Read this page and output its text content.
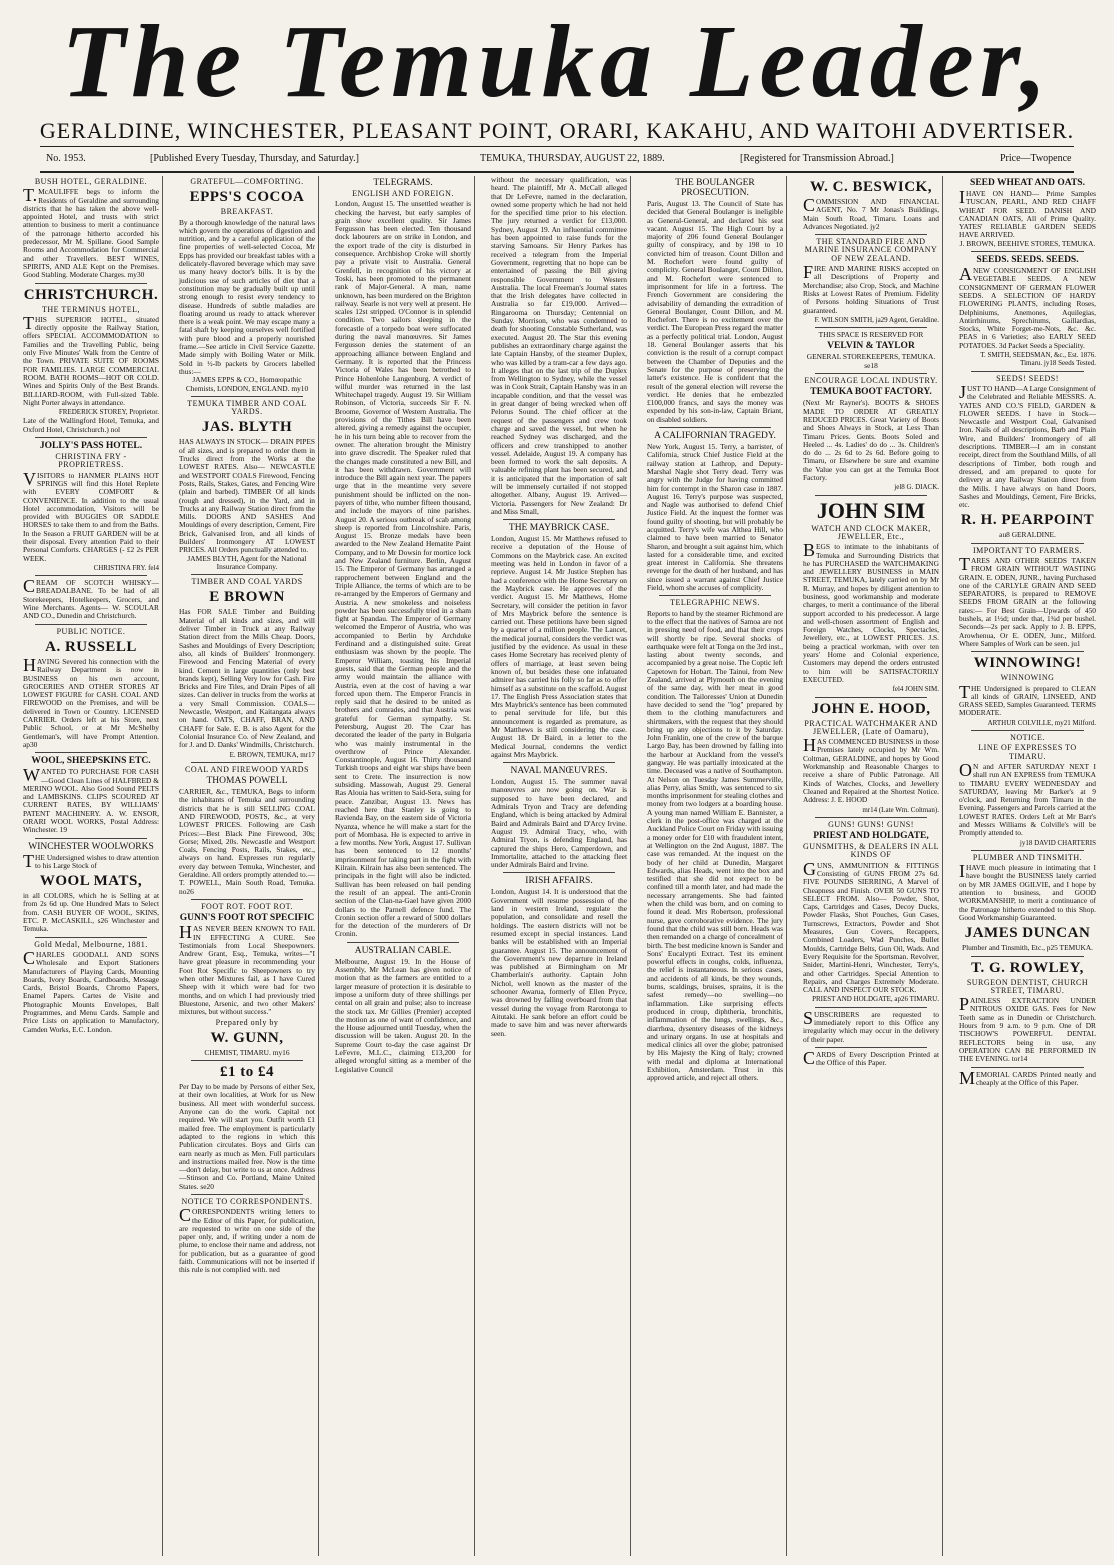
The Temuka Leader,
GERALDINE, WINCHESTER, PLEASANT POINT, ORARI, KAKAHU, AND WAITOHI ADVERTISER.
No. 1953.	[Published Every Tuesday, Thursday, and Saturday.]	TEMUKA, THURSDAY, AUGUST 22, 1889.	[Registered for Transmission Abroad.]	Price—Twopence
BUSH HOTEL, GERALDINE.
T.McAULIFFE begs to inform the Residents of Geraldine and surrounding districts that he has taken the above well-appointed Hotel, and trusts with strict attention to business to merit a continuance of the patronage hitherto accorded his predecessor, Mr M. Spillane. Good Sample Rooms and Accommodation for Commercial and other Travellers. BEST WINES, SPIRITS, AND ALE Kept on the Premises. Good Stabling. Moderate Charges. my30
CHRISTCHURCH.
THE TERMINUS HOTEL,
THIS SUPERIOR HOTEL, situated directly opposite the Railway Station, offers SPECIAL ACCOMMODATION to Families and the Travelling Public, being only Five Minutes' Walk from the Centre of the Town. PRIVATE SUITE OF ROOMS FOR FAMILIES. LARGE COMMERCIAL ROOM. BATH ROOMS—HOT OR COLD. Wines and Spirits Only of the Best Brands. BILLIARD-ROOM, with Full-sized Table. Night Porter always in attendance.
FREDERICK STOREY, Proprietor.
Late of the Wallingford Hotel, Temuka, and Oxford Hotel, Christchurch.) nol
JOLLY'S PASS HOTEL.
CHRISTINA FRY - PROPRIETRESS.
VISITORS to HANMER PLAINS HOT SPRINGS will find this Hotel Replete with EVERY COMFORT & CONVENIENCE. In addition to the usual Hotel accommodation, Visitors will be provided with BUGGIES OR SADDLE HORSES to take them to and from the Baths. In the Season a FRUIT GARDEN will be at their disposal. Every attention Paid to their Personal Comforts. CHARGES (- £2 2s PER WEEK.
CHRISTINA FRY. fel4
CREAM OF SCOTCH WHISKY— BREADALBANE. To be had of all Storekeepers, Hotelkeepers, Grocers, and Wine Merchants. Agents— W. SCOULAR AND CO., Dunedin and Christchurch.
PUBLIC NOTICE.
A. RUSSELL
HAVING Severed his connection with the Railway Department is now in BUSINESS on his own account, GROCERIES AND OTHER STORES AT LOWEST FIGURE for CASH. COAL AND FIREWOOD on the Premises, and will be delivered in Town or Country. LICENSED CARRIER. Orders left at his Store, next Public School, or at Mr McShelby Gentleman's, will have Prompt Attention. ap30
WOOL, SHEEPSKINS ETC.
WANTED TO PURCHASE FOR CASH—Good Clean Lines of HALFBRED & MERINO WOOL. Also Good Sound PELTS and LAMBSKINS. CLIPS SCOURED AT CURRENT RATES, BY WILLIAMS' PATENT MACHINERY. A. W. ENSOR, ORARI WOOL WORKS, Postal Address: Winchester. 19
WINCHESTER WOOLWORKS
THE Undersigned wishes to draw attention to his Large Stock of
WOOL MATS,
in all COLORS, which he is Selling at at from 2s 6d up. One Hundred Mats to Select from. CASH BUYER OF WOOL, SKINS, ETC. P. McCASKILL, s26 Winchester and Temuka.
Gold Medal, Melbourne, 1881.
CHARLES GOODALL AND SONS Wholesale and Export Stationers Manufacturers of Playing Cards, Mounting Boards, Ivory Boards, Cardboards, Message Cards, Bristol Boards, Chromo Papers, Enamel Papers. Cartes de Visite and Photographic Mounts Envelopes, Ball Programmes, and Menu Cards. Sample and Price Lists on application to Manufactory, Camden Works, E.C. London.
GRATEFUL—COMFORTING.
EPPS'S COCOA
BREAKFAST.
By a thorough knowledge of the natural laws which govern the operations of digestion and nutrition, and by a careful application of the fine properties of well-selected Cocoa, Mr Epps has provided our breakfast tables with a delicately-flavored beverage which may save us many heavy doctor's bills. It is by the judicious use of such articles of diet that a constitution may be gradually built up until strong enough to resist every tendency to disease. Hundreds of subtle maladies are floating around us ready to attack wherever there is a weak point. We may escape many a fatal shaft by keeping ourselves well fortified with pure blood and a properly nourished frame.—See article in Civil Service Gazette. Made simply with Boiling Water or Milk. Sold in ½-lb packets by Grocers labelled thus:—
JAMES EPPS & CO., Homœopathic Chemists, LONDON, ENGLAND. my10
TEMUKA TIMBER AND COAL YARDS.
JAS. BLYTH
HAS ALWAYS IN STOCK— DRAIN PIPES of all sizes, and is prepared to order them in Trucks direct from the Works at the LOWEST RATES. Also— NEWCASTLE and WESTPORT COALS Firewood, Fencing Posts, Rails, Stakes, Gates, and Fencing Wire (plain and barbed). TIMBER Of all kinds (rough and dressed), in the Yard, and in Trucks at any Railway Station direct from the Mills. DOORS AND SASHES And Mouldings of every description, Cement, Fire Brick, Galvanised Iron, and all kinds of Builders' Ironmongery AT LOWEST PRICES. All Orders punctually attended to.
JAMES BLYTH, Agent for the National Insurance Company.
TIMBER AND COAL YARDS
E BROWN
Has FOR SALE Timber and Building Material of all kinds and sizes, and will deliver Timber in Truck at any Railway Station direct from the Mills Cheap. Doors, Sashes and Mouldings of Every Description; also, all kinds of Builders' Ironmongery. Firewood and Fencing Material of every kind. Cement in large quantities (only best brands kept), Selling Very low for Cash. Fire Bricks and Fire Tiles, and Drain Pipes of all sizes. Can deliver in trucks from the works at a very Small Commission. COALS—Newcastle, Westport, and Kaitangata always on hand. OATS, CHAFF, BRAN, AND CHAFF for Sale. E. B. is also Agent for the Colonial Insurance Co. of New Zealand, and for J. and D. Danks' Windmills, Christchurch.
E. BROWN, TEMUKA, mr17
COAL AND FIREWOOD YARDS
THOMAS POWELL
CARRIER, &c., TEMUKA, Begs to inform the inhabitants of Temuka and surrounding districts that he is still SELLING COAL AND FIREWOOD, POSTS, &c., at very LOWEST PRICES. Following are Cash Prices:—Best Black Pine Firewood, 30s; Gorse; Mixed, 20s. Newcastle and Westport Coals, Fencing Posts, Rails, Stakes, etc., always on hand. Expresses run regularly every day between Temuka, Winchester, and Geraldine. All orders promptly attended to.—T. POWELL, Main South Road, Temuka. no26
FOOT ROT. FOOT ROT.
GUNN'S FOOT ROT SPECIFIC
HAS NEVER BEEN KNOWN TO FAIL IN EFFECTING A CURE. See Testimonials from Local Sheepowners. Andrew Grant, Esq., Temuka, writes—"I have great pleasure in recommending your Foot Rot Specific to Sheepowners to try when other Mixtures fail, as I have Cured Sheep with it which were bad for two months, and on which I had previously tried Bluestone, Arsenic, and two other Makers' mixtures, but without success."
Prepared only by
W. GUNN,
CHEMIST, TIMARU. my16
£1 to £4
Per Day to be made by Persons of either Sex, at their own localities, at Work for us New business. All meet with wonderful success. Anyone can do the work. Capital not required. We will start you. Outfit worth £1 mailed free. The employment is particularly adapted to the regions in which this Publication circulates. Boys and Girls can earn nearly as much as Men. Full particulars and instructions mailed free. Now is the time—don't delay, but write to us at once. Address—Stinson and Co. Portland, Maine United States. se20
NOTICE TO CORRESPONDENTS.
CORRESPONDENTS writing letters to the Editor of this Paper, for publication, are requested to write on one side of the paper only, and, if writing under a nom de plume, to enclose their name and address, not for publication, but as a guarantee of good faith. Communications will not be inserted if this rule is not complied with. ned
TELEGRAMS.
ENGLISH AND FOREIGN.
London, August 15. The unsettled weather is checking the harvest, but early samples of grain show excellent quality. Sir James Fergusson has been elected. Ten thousand dock labourers are on strike in London, and the export trade of the city is disturbed in consequence. Archbishop Croke will shortly pay a private visit to Australia. General Grenfell, in recognition of his victory at Toski, has been promoted to the permanent rank of Major-General. A man, name unknown, has been murdered on the Brighton railway. Searle is not very well at present. He scales 12st stripped. O'Connor is in splendid condition. Two sailors sleeping in the forecastle of a torpedo boat were suffocated during the naval manœuvres. Sir James Fergusson denies the statement of an approaching alliance between England and Germany. It is reported that the Princess Victoria of Wales has been betrothed to Prince Hohenlohe Langenburg. A verdict of wilful murder was returned in the last Whitechapel tragedy. August 19. Sir William Robinson, of Victoria, succeeds Sir F. N. Broome, Governor of Western Australia. The provisions of the Tithes Bill have been altered, giving a remedy against the occupier, he in his turn being able to recover from the owner. The alteration brought the Ministry into grave discredit. The Speaker ruled that the changes made constituted a new Bill, and it has been withdrawn. Government will introduce the Bill again next year. The papers urge that in the meantime very severe punishment should be inflicted on the non-payers of tithe, who number fifteen thousand, and include the mayors of nine parishes. August 20. A serious outbreak of scab among sheep is reported from Lincolnshire. Paris, August 15. Bronze medals have been awarded to the New Zealand Hematite Paint Company, and to Mr Dowsin for mortice lock and New Zealand furniture. Berlin, August 15. The Emperor of Germany has arranged a rapprochement between England and the Triple Alliance, the terms of which are to be re-arranged by the Emperors of Germany and Austria. A new smokeless and noiseless powder has been successfully tried in a sham fight at Spandau. The Emperor of Germany welcomed the Emperor of Austria, who was accompanied to Berlin by Archduke Ferdinand and a distinguished suite. Great enthusiasm was shown by the people. The Emperor William, toasting his Imperial guests, said that the German people and the army would maintain the alliance with Austria, even at the cost of having a war forced upon them. The Emperor Francis in reply said that he desired to be united as brothers and comrades, and that Austria was grateful for German sympathy. St. Petersburg, August 20. The Czar has decorated the leader of the party in Bulgaria who was mainly instrumental in the overthrow of Prince Alexander. Constantinople, August 16. Thirty thousand Turkish troops and eight war ships have been sent to Crete. The insurrection is now subsiding. Massowah, August 29. General Ras Alouia has written to Said-Sera, suing for peace. Zanzibar, August 13. News has reached here that Stanley is going to Ravienda Bay, on the eastern side of Victoria Nyanza, whence he will make a start for the port of Mombasa. He is expected to arrive in a few months. New York, August 17. Sullivan has been sentenced to 12 months' imprisonment for taking part in the fight with Kilrain. Kilrain has also been sentenced. The principals in the fight will also be indicted. Sullivan has been released on bail pending the result of an appeal. The anti-Cronin section of the Clan-na-Gael have given 2000 dollars to the Parnell defence fund. The Cronin section offer a reward of 5000 dollars for the detection of the murderers of Dr Cronin.
AUSTRALIAN CABLE.
Melbourne, August 19. In the House of Assembly, Mr McLean has given notice of motion that as the farmers are entitled to a larger measure of protection it is desirable to impose a uniform duty of three shillings per cental on all grain and pulse; also to increase the stock tax. Mr Gillies (Premier) accepted the motion as one of want of confidence, and the House adjourned until Tuesday, when the discussion will be taken. August 20. In the Supreme Court to-day the case against Dr LeFevre, M.L.C., claiming £13,200 for alleged wrongful sitting as a member of the Legislative Council
without the necessary qualification, was heard. The plaintiff, Mr A. McCall alleged that Dr LeFevre, named in the declaration, owned some property which he had not held for the specified time prior to his election. The jury returned a verdict for £13,000. Sydney, August 19. An influential committee has been appointed to raise funds for the starving Samoans. Sir Henry Parkes has received a telegram from the Imperial Government, regretting that no hope can be entertained of passing the Bill giving responsible Government to Western Australia. The local Freeman's Journal states that the Irish delegates have collected in Australia so far £19,000. Arrived—Ringarooma on Thursday; Centennial on Sunday. Morrison, who was condemned to death for shooting Constable Sutherland, was executed. August 20. The Star this evening publishes an extraordinary charge against the late Captain Hansby, of the steamer Duplex, who was killed by a tram-car a few days ago. It alleges that on the last trip of the Duplex from Wellington to Sydney, while the vessel was in Cook Strait, Captain Hansby was in an incapable condition, and that the vessel was in great danger of being wrecked when off Pelorus Sound. The chief officer at the request of the passengers and crew took charge and saved the vessel, but when he reached Sydney was discharged, and the officers and crew transhipped to another vessel. Adelaide, August 19. A company has been formed to work the salt deposits. A valuable refining plant has been secured, and it is anticipated that the importation of salt will be immensely curtailed if not stopped altogether. Albany, August 19. Arrived—Victoria. Passengers for New Zealand: Dr and Miss Small,
THE MAYBRICK CASE.
London, August 15. Mr Matthews refused to receive a deputation of the House of Commons on the Maybrick case. An excited meeting was held in London in favor of a reprieve. August 14. Mr Justice Stephen has had a conference with the Home Secretary on the Maybrick case. He approves of the verdict. August 15. Mr Matthews, Home Secretary, will consider the petition in favor of Mrs Maybrick before the sentence is carried out. These petitions have been signed by a quarter of a million people. The Lancet, the medical journal, considers the verdict was justified by the evidence. As usual in these cases Home Secretary has received plenty of offers of marriage, at least seven being known of, but besides these one infatuated admirer has carried his folly so far as to offer himself as a substitute on the scaffold. August 17. The English Press Association states that Mrs Maybrick's sentence has been commuted to penal servitude for life, but this announcement is regarded as premature, as Mr Matthews is still considering the case. August 18. Dr Baird, in a letter to the Medical Journal, condemns the verdict against Mrs Maybrick.
NAVAL MANŒUVRES.
London, August 15. The summer naval manœuvres are now going on. War is supposed to have been declared, and Admirals Tryon and Tracy are defending England, which is being attacked by Admiral Baird and Admirals Baird and D'Arcy Irvine. August 19. Admiral Tracy, who, with Admiral Tryon, is defending England, has captured the ships Hero, Camperdown, and Immortalite, attached to the attacking fleet under Admirals Baird and Irvine.
IRISH AFFAIRS.
London, August 14. It is understood that the Government will resume possession of the land in western Ireland, regulate the population, and consolidate and resell the holdings. The eastern districts will not be resumed except in special instances. Land banks will be established with an Imperial guarantee. August 15. The announcement of the Government's new departure in Ireland was published at Birmingham on Mr Chamberlain's authority. Captain John Nichol, well known as the master of the schooner Awarua, formerly of Ellen Pryce, was drowned by falling overboard from that vessel during the voyage from Rarotonga to Aitutaki. He sank before an effort could be made to save him and was never afterwards seen.
THE BOULANGER PROSECUTION.
Paris, August 13. The Council of State has decided that General Boulanger is ineligible as General-General, and declared his seat vacant. August 15. The High Court by a majority of 206 found General Boulanger guilty of conspiracy, and by 198 to 10 convicted him of treason. Count Dillon and M. Rochefort were found guilty of complicity. General Boulanger, Count Dillon, and M. Rochefort were sentenced to imprisonment for life in a fortress. The French Government are considering the advisability of demanding the extradition of General Boulanger, Count Dillon, and M. Rochefort. There is no excitement over the verdict. The European Press regard the matter as a perfectly political trial. London, August 18. General Boulanger asserts that his conviction is the result of a corrupt compact between the Chamber of Deputies and the Senate for the purpose of preserving the latter's existence. He is confident that the result of the general election will reverse the verdict. He denies that he embezzled £100,000 francs, and says the money was expended by his son-in-law, Captain Briant, on disabled soldiers.
A CALIFORNIAN TRAGEDY.
New York, August 15. Terry, a barrister, of California, struck Chief Justice Field at the railway station at Lathrop, and Deputy-Marshal Nagle shot Terry dead. Terry was angry with the Judge for having committed him for contempt in the Sharon case in 1887. August 16. Terry's purpose was suspected, and Nagle was authorised to defend Chief Justice Field. At the inquest the former was found guilty of shooting, but will probably be acquitted. Terry's wife was Althea Hill, who claimed to have been married to Senator Sharon, and brought a suit against him, which lasted for a considerable time, and excited great interest in California. She threatens revenge for the death of her husband, and has since issued a warrant against Chief Justice Field, whom she accuses of complicity.
TELEGRAPHIC NEWS.
Reports to hand by the steamer Richmond are to the effect that the natives of Samoa are not in pressing need of food, and that their crops will shortly be ripe. Several shocks of earthquake were felt at Tonga on the 3rd inst., lasting about twenty seconds, and accompanied by a great noise. The Coptic left Capetown for Hobart. The Tainui, from New Zealand, arrived at Plymouth on the evening of the same day, with her meat in good condition. The Tailoresses' Union at Dunedin have decided to send the "log" prepared by them to the clothing manufacturers and shirtmakers, with the request that they should bring up any objections to it by Saturday. John Franklin, one of the crew of the barque Largo Bay, has been drowned by falling into the harbour at Auckland from the vessel's gangway. He was partially intoxicated at the time. Deceased was a native of Southampton. At Nelson on Tuesday James Summerville, alias Perry, alias Smith, was sentenced to six months imprisonment for stealing clothes and money from two lodgers at a boarding house. A young man named William E. Bannister, a clerk in the post-office was charged at the Auckland Police Court on Friday with issuing a money order for £10 with fraudulent intent, at Wellington on the 2nd August, 1887. The case was remanded. At the inquest on the body of her child at Dunedin, Margaret Edwards, alias Heads, went into the box and testified that she did not expect to be confined till a month later, and had made the necessary arrangements. She had fainted when the child was born, and on coming to found it dead. Mrs Robertson, professional nurse, gave corroborative evidence. The jury found that the child was still born. Heads was then remanded on a charge of concealment of birth. The best medicine known is Sander and Sons' Eucalypti Extract. Test its eminent powerful effects in coughs, colds, influenza, the relief is instantaneous. In serious cases, and accidents of all kinds, be they wounds, burns, scaldings, bruises, sprains, it is the safest remedy—no swelling—no inflammation. Like surprising effects produced in croup, diphtheria, bronchitis, inflammation of the lungs, swellings, &c., diarrhœa, dysentery diseases of the kidneys and urinary organs. In use at hospitals and medical clinics all over the globe; patronised by His Majesty the King of Italy; crowned with medal and diploma at International Exhibition, Amsterdam. Trust in this approved article, and reject all others.
W. C. BESWICK,
COMMISSION AND FINANCIAL AGENT, No. 7 Mr Jonas's Buildings, Main South Road, Timaru. Loans and Advances Negotiated. jy2
THE STANDARD FIRE AND MARINE INSURANCE COMPANY OF NEW ZEALAND.
FIRE AND MARINE RISKS accepted on all Descriptions of Property and Merchandise; also Crop, Stock, and Machine Risks at Lowest Rates of Premium. Fidelity of Persons holding Situations of Trust guaranteed.
F. WILSON SMITH, ja29 Agent, Geraldine.
THIS SPACE IS RESERVED FOR
VELVIN & TAYLOR
GENERAL STOREKEEPERS, TEMUKA. se18
ENCOURAGE LOCAL INDUSTRY.
TEMUKA BOOT FACTORY.
(Next Mr Rayner's). BOOTS & SHOES MADE TO ORDER AT GREATLY REDUCED PRICES. Great Variety of Boots and Shoes Always in Stock, at Less Than Timaru Prices. Gents. Boots Soled and Heeled ... 4s. Ladies' do do ... 3s. Children's do do ... 2s 6d to 2s 6d. Before going to Timaru, or Elsewhere be sure and examine the Value you can get at the Temuka Boot Factory.
jel8 G. DIACK.
JOHN SIM
WATCH AND CLOCK MAKER, JEWELLER, Etc.,
BEGS to intimate to the inhabitants of Temuka and Surrounding Districts that he has PURCHASED the WATCHMAKING and JEWELLERY BUSINESS in MAIN STREET, TEMUKA, lately carried on by Mr R. Murray, and hopes by diligent attention to business, good workmanship and moderate charges, to merit a continuance of the liberal support accorded to his predecessor. A large and well-chosen assortment of English and Foreign Watches, Clocks, Spectacles, Jewellery, etc., at LOWEST PRICES. J.S. being a practical workman, with over ten years' Home and Colonial experience, Customers may depend the orders entrusted to him will be SATISFACTORILY EXECUTED.
fel4 JOHN SIM.
JOHN E. HOOD,
PRACTICAL WATCHMAKER AND JEWELLER, (Late of Oamaru),
HAS COMMENCED BUSINESS in those Premises lately occupied by Mr Wm. Coltman, GERALDINE, and hopes by Good Workmanship and Reasonable Charges to receive a share of Public Patronage. All Kinds of Watches, Clocks, and Jewellery Cleaned and Repaired at the Shortest Notice. Address: J. E. HOOD
mr14 (Late Wm. Coltman).
GUNS! GUNS! GUNS!
PRIEST AND HOLDGATE,
GUNSMITHS, & DEALERS IN ALL KINDS OF
GUNS, AMMUNITION & FITTINGS Consisting of GUNS FROM 27s 6d. FIVE POUNDS SIERRING, A Marvel of Cheapness and Finish. OVER 50 GUNS TO SELECT FROM. Also— Powder, Shot, Caps, Cartridges and Cases, Decoy Ducks, Powder Flasks, Shot Pouches, Gun Cases, Turnscrews, Extractors, Powder and Shot Measures, Gun Covers, Recappers, Combined Loaders, Wad Punches, Bullet Moulds, Cartridge Belts, Gun Oil, Wads. And Every Requisite for the Sportsman. Revolver, Snider, Martini-Henri, Winchester, Terry's, and other Cartridges. Special Attention to Repairs, and Charges Extremely Moderate. CALL AND INSPECT OUR STOCK.
PRIEST AND HOLDGATE, ap26 TIMARU.
SUBSCRIBERS are requested to immediately report to this Office any irregularity which may occur in the delivery of their paper.
CARDS of Every Description Printed at the Office of this Paper.
SEED WHEAT AND OATS.
IHAVE ON HAND— Prime Samples TUSCAN, PEARL, AND RED CHAFF WHEAT FOR SEED. DANISH AND CANADIAN OATS, All of Prime Quality. YATES' RELIABLE GARDEN SEEDS HAVE ARRIVED.
J. BROWN, BEEHIVE STORES, TEMUKA.
SEEDS. SEEDS. SEEDS.
ANEW CONSIGNMENT OF ENGLISH VEGETABLE SEEDS. A NEW CONSIGNMENT OF GERMAN FLOWER SEEDS. A SELECTION OF HARDY FLOWERING PLANTS, including Roses, Delphiniums, Anemones, Aquilegias, Antirrhinums, Sprechitums, Gaillardias, Stocks, White Forget-me-Nots, &c. &c. PEAS in 6 Varieties; also EARLY SEED POTATOES. 3d Packet Seeds a Speciality.
T. SMITH, SEEDSMAN, &c., Est. 1876. Timaru. jy18 Seeds Tested.
SEEDS! SEEDS!
JUST TO HAND—A Large Consignment of the Celebrated and Reliable MESSRS. A. YATES AND CO.'S FIELD, GARDEN & FLOWER SEEDS. I have in Stock—Newcastle and Westport Coal, Galvanised Iron. Nails of all descriptions, Barb and Plain Wire, and Builders' Ironmongery of all descriptions. TIMBER—I am in constant receipt, direct from the Southland Mills, of all descriptions of Timber, both rough and dressed, and am prepared to quote for delivery at any Railway Station direct from the Mills. I have always on hand Doors, Sashes and Mouldings, Cement, Fire Bricks, etc.
R. H. PEARPOINT
au8 GERALDINE.
IMPORTANT TO FARMERS.
TARES AND OTHER SEEDS TAKEN FROM GRAIN WITHOUT WASTING GRAIN. E. ODEN, JUNR., having Purchased one of the CARLYLE GRAIN AND SEED SEPARATORS, is prepared to REMOVE SEEDS FROM GRAIN at the following rates:— For Best Grain—Upwards of 450 bushels, at 1½d; under that, 1¾d per bushel. Seconds—2s per sack. Apply to J. B. EPPS, Arowhenua, Or E. ODEN, Junr., Milford. Where Samples of Work can be seen. ju1
WINNOWING!
WINNOWING
THE Undersigned is prepared to CLEAN all kinds of GRAIN, LINSEED, AND GRASS SEED, Samples Guaranteed. TERMS MODERATE.
ARTHUR COLVILLE, my21 Milford.
NOTICE.
LINE OF EXPRESSES TO TIMARU.
ON and AFTER SATURDAY NEXT I shall run AN EXPRESS from TEMUKA to TIMARU EVERY WEDNESDAY and SATURDAY, leaving Mr Barker's at 9 o'clock, and Returning from Timaru in the Evening. Passengers and Parcels carried at the LOWEST RATES. Orders Left at Mr Barr's and Messrs Williams & Colville's will be Promptly attended to.
jy18 DAVID CHARTERIS
PLUMBER AND TINSMITH.
IHAVE much pleasure in intimating that I have bought the BUSINESS lately carried on by MR JAMES OGILVIE, and I hope by attention to business, and GOOD WORKMANSHIP, to merit a continuance of the Patronage hitherto extended to this Shop. Good Workmanship Guaranteed.
JAMES DUNCAN
Plumber and Tinsmith, Etc., p25 TEMUKA.
T. G. ROWLEY,
SURGEON DENTIST, CHURCH STREET, TIMARU.
PAINLESS EXTRACTION UNDER NITROUS OXIDE GAS. Fees for New Teeth same as in Dunedin or Christchurch. Hours from 9 a.m. to 9 p.m. One of DR TISCHOW'S POWERFUL DENTAL REFLECTORS being in use, any OPERATION CAN BE PERFORMED IN THE EVENING. tor14
MEMORIAL CARDS Printed neatly and cheaply at the Office of this Paper.
